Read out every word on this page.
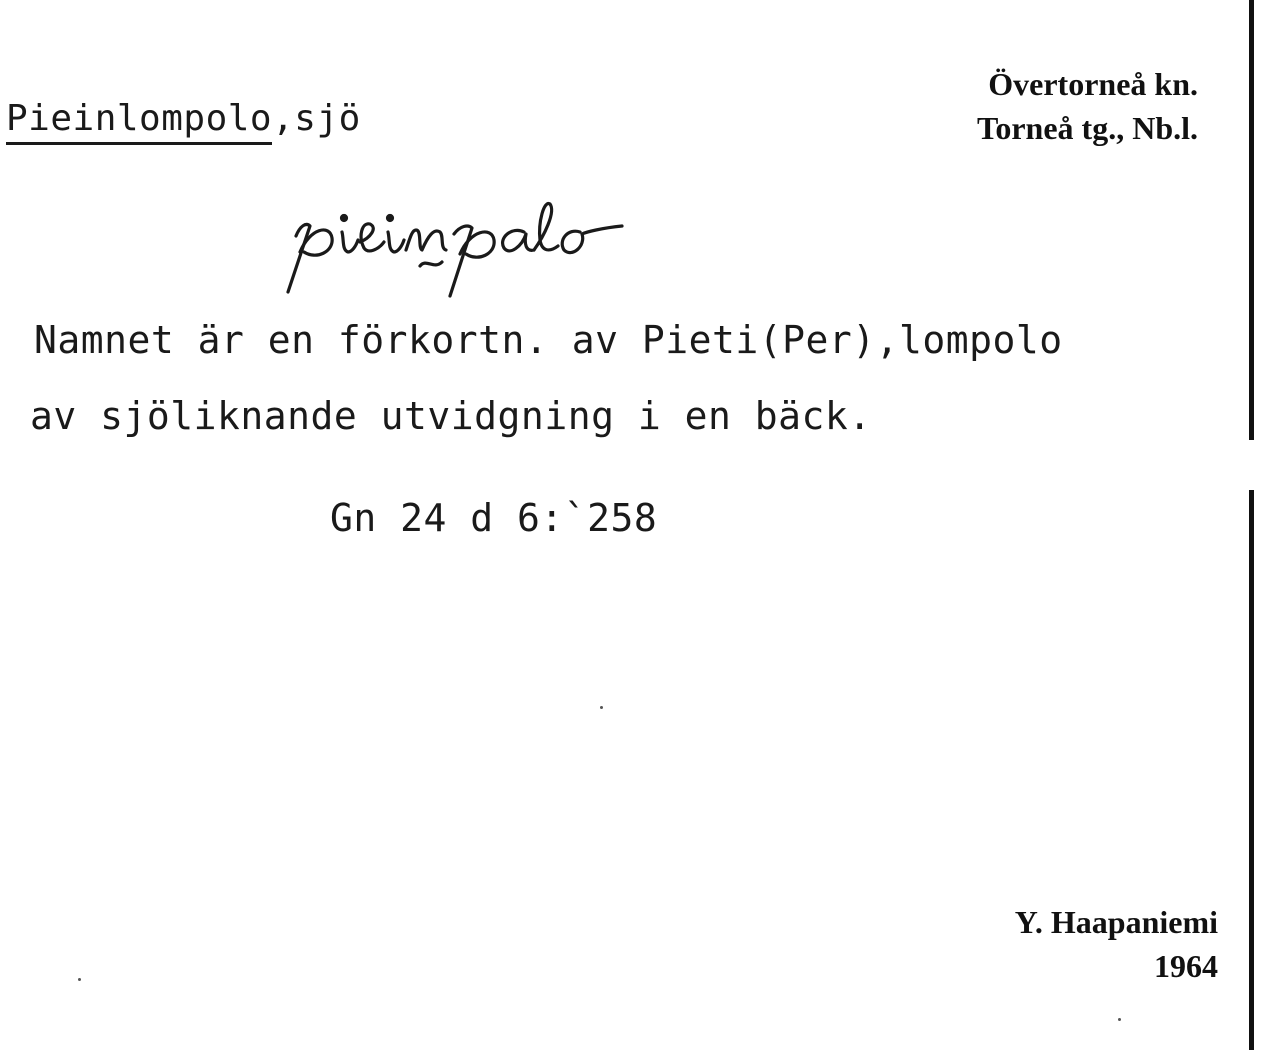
Pieinlompolo,sjö
Övertorneå kn.
Torneå tg., Nb.l.
Namnet är en förkortn. av Pieti(Per),lompolo
av sjöliknande utvidgning i en bäck.
Gn 24 d 6:`258
Y. Haapaniemi
1964
